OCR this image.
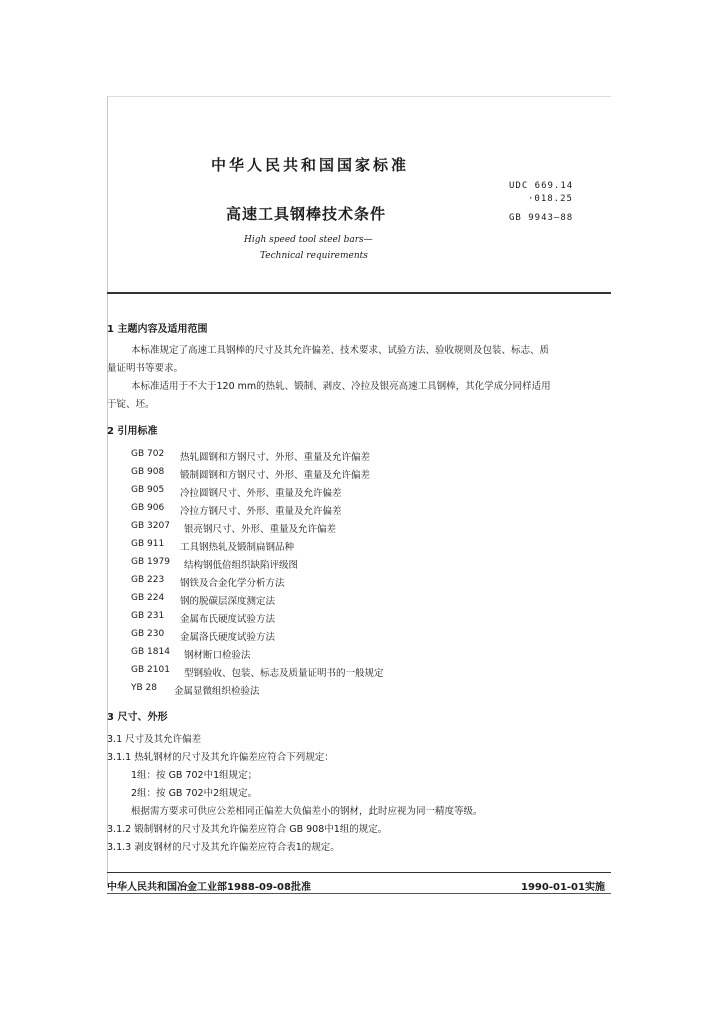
中华人民共和国国家标准
UDC 669.14
·018.25
高速工具钢棒技术条件	GB 9943—88
High speed tool steel bars—
Technical requirements
1 主题内容及适用范围
本标准规定了高速工具钢棒的尺寸及其允许偏差、技术要求、试验方法、验收规则及包装、标志、质
量证明书等要求。
本标准适用于不大于120 mm的热轧、锻制、剥皮、冷拉及银亮高速工具钢棒，其化学成分同样适用
于锭、坯。
2 引用标准
GB 702 热轧圆钢和方钢尺寸、外形、重量及允许偏差
GB 908 锻制圆钢和方钢尺寸、外形、重量及允许偏差
GB 905 冷拉圆钢尺寸、外形、重量及允许偏差
GB 906 冷拉方钢尺寸、外形、重量及允许偏差
GB 3207 银亮钢尺寸、外形、重量及允许偏差
GB 911 工具钢热轧及锻制扁钢品种
GB 1979 结构钢低倍组织缺陷评级图
GB 223 钢铁及合金化学分析方法
GB 224 钢的脱碳层深度测定法
GB 231 金属布氏硬度试验方法
GB 230 金属洛氏硬度试验方法
GB 1814 钢材断口检验法
GB 2101 型钢验收、包装、标志及质量证明书的一般规定
YB 28 金属显微组织检验法
3 尺寸、外形
3.1 尺寸及其允许偏差
3.1.1 热轧钢材的尺寸及其允许偏差应符合下列规定：
1组：按 GB 702中1组规定；
2组：按 GB 702中2组规定。
根据需方要求可供应公差相同正偏差大负偏差小的钢材，此时应视为同一精度等级。
3.1.2 锻制钢材的尺寸及其允许偏差应符合 GB 908中1组的规定。
3.1.3 剥皮钢材的尺寸及其允许偏差应符合表1的规定。
中华人民共和国冶金工业部1988-09-08批准	1990-01-01实施
